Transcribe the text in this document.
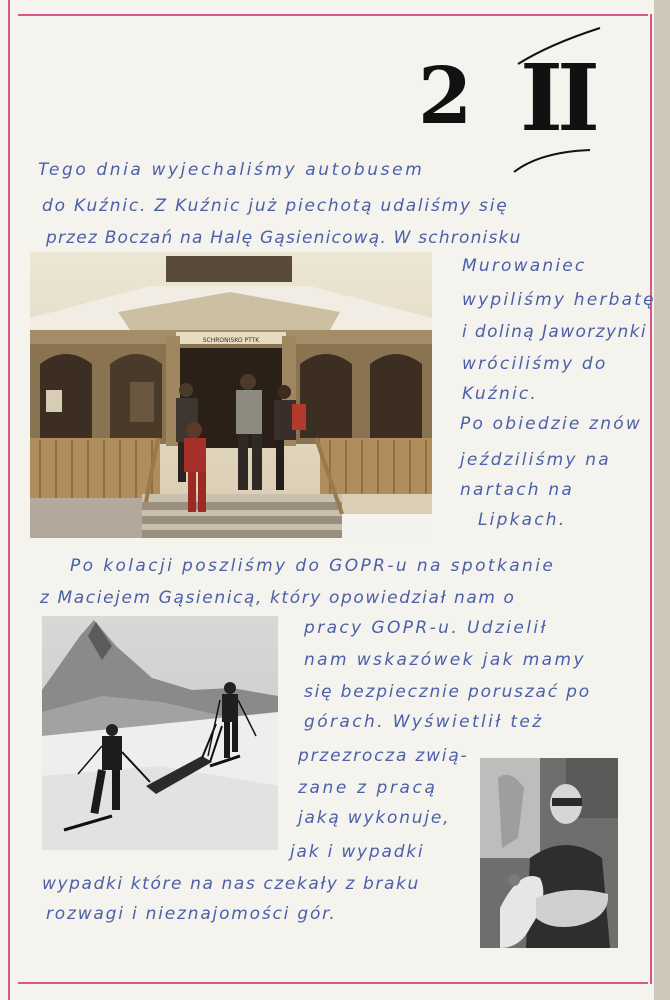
2 II

Tego dnia wyjechaliśmy autobusem

do Kuźnic. Z Kuźnic już piechotą udaliśmy się

przez Boczań na Halę Gąsienicową. W schronisku

Murowaniec

wypiliśmy herbatę

i doliną Jaworzynki

wróciliśmy do

Kuźnic.

Po obiedzie znów

jeździliśmy na

nartach na

Lipkach.

Po kolacji poszliśmy do GOPR-u na spotkanie

z Maciejem Gąsienicą, który opowiedział nam o

pracy GOPR-u. Udzielił

nam wskazówek jak mamy

się bezpiecznie poruszać po

górach. Wyświetlił też

przezrocza zwią-

zane z pracą

jaką wykonuje,

jak i wypadki

wypadki które na nas czekały z braku

rozwagi i nieznajomości gór.

SCHRONISKO PTTK
